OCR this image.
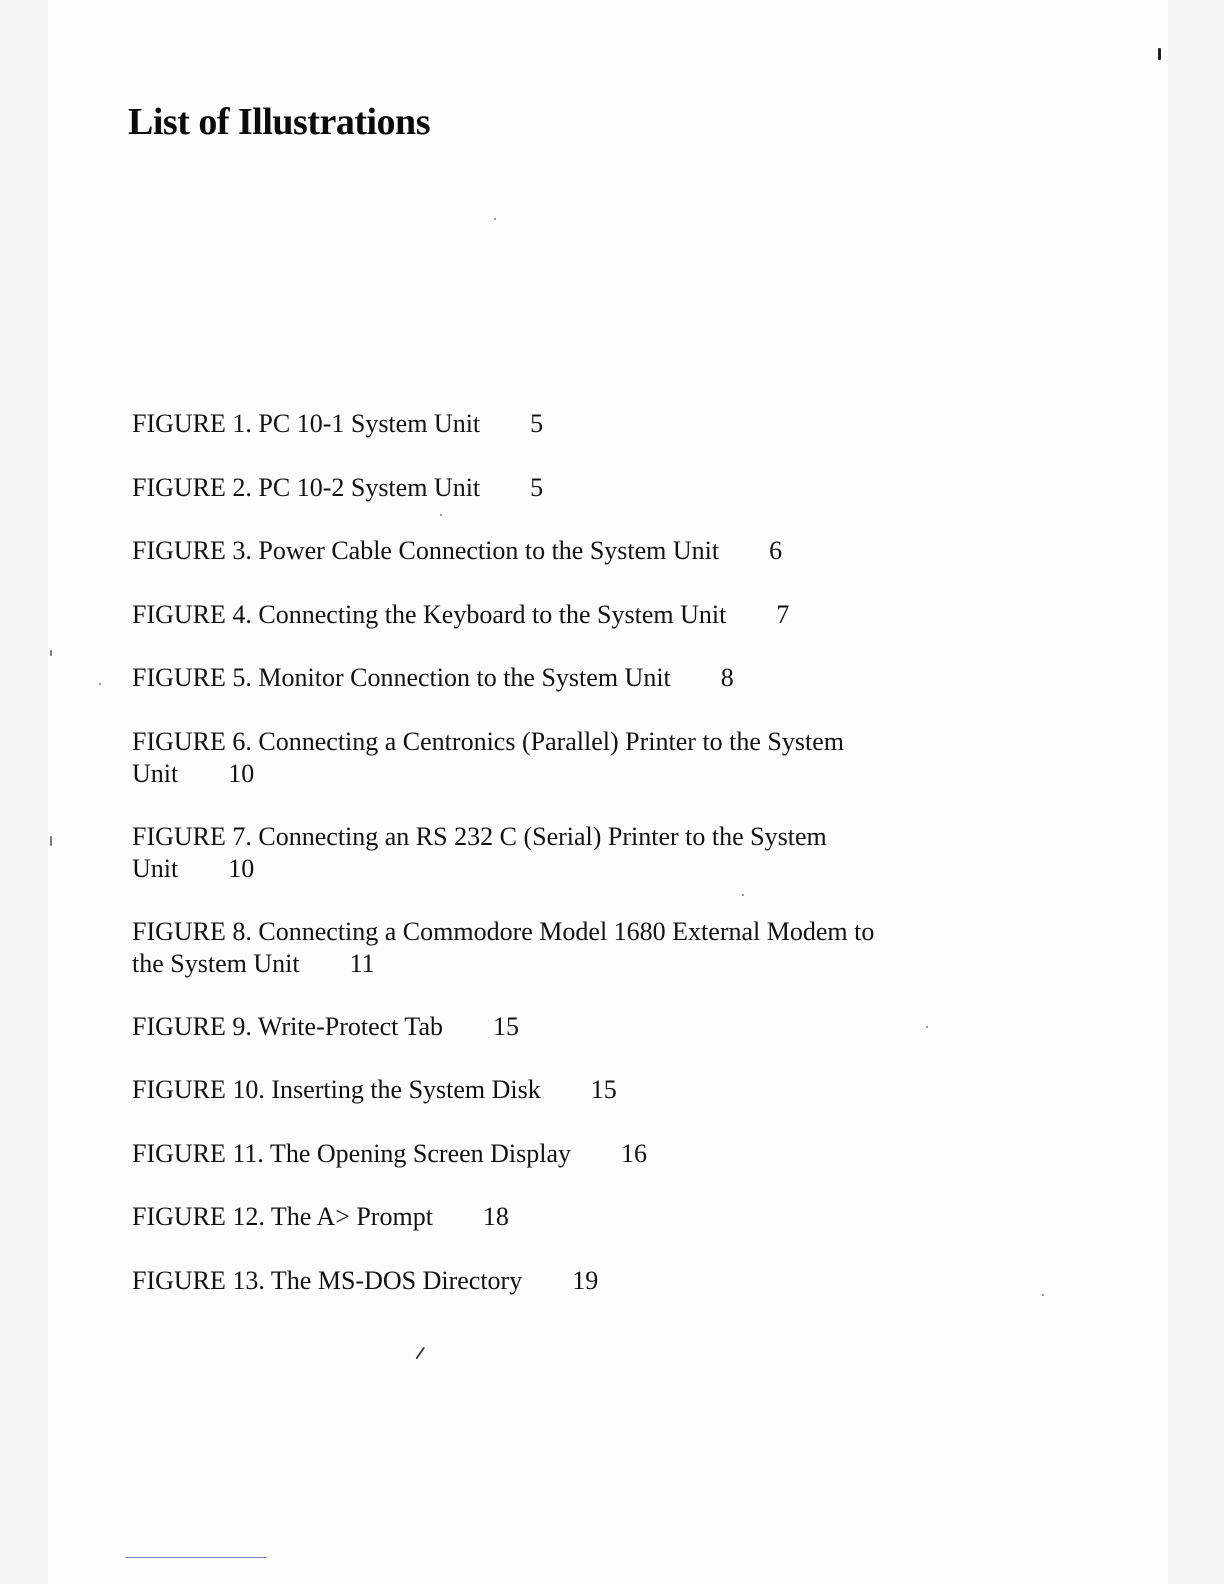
List of Illustrations
FIGURE 1. PC 10-1 System Unit 5
FIGURE 2. PC 10-2 System Unit 5
FIGURE 3. Power Cable Connection to the System Unit 6
FIGURE 4. Connecting the Keyboard to the System Unit 7
FIGURE 5. Monitor Connection to the System Unit 8
FIGURE 6. Connecting a Centronics (Parallel) Printer to the System Unit 10
FIGURE 7. Connecting an RS 232 C (Serial) Printer to the System Unit 10
FIGURE 8. Connecting a Commodore Model 1680 External Modem to the System Unit 11
FIGURE 9. Write-Protect Tab 15
FIGURE 10. Inserting the System Disk 15
FIGURE 11. The Opening Screen Display 16
FIGURE 12. The A> Prompt 18
FIGURE 13. The MS-DOS Directory 19
